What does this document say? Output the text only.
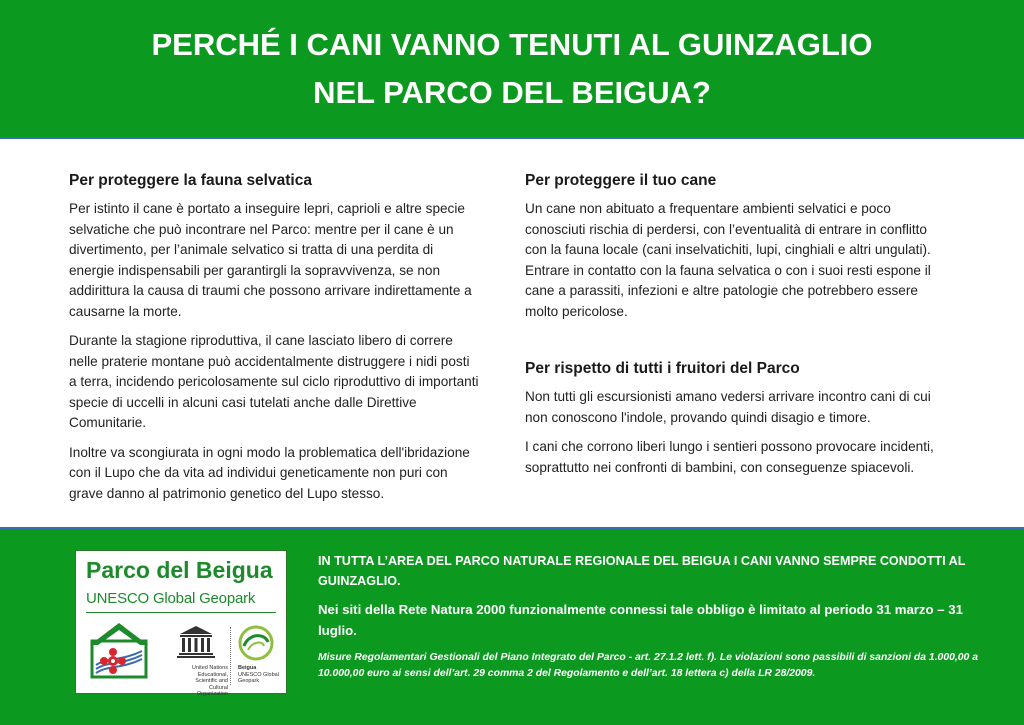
PERCHÉ I CANI VANNO TENUTI AL GUINZAGLIO
NEL PARCO DEL BEIGUA?
Per proteggere la fauna selvatica

Per istinto il cane è portato a inseguire lepri, caprioli e altre specie selvatiche che può incontrare nel Parco: mentre per il cane è un divertimento, per l’animale selvatico si tratta di una perdita di energie indispensabili per garantirgli la sopravvivenza, se non addirittura la causa di traumi che possono arrivare indirettamente a causarne la morte.

Durante la stagione riproduttiva, il cane lasciato libero di correre nelle praterie montane può accidentalmente distruggere i nidi posti a terra, incidendo pericolosamente sul ciclo riproduttivo di importanti specie di uccelli in alcuni casi tutelati anche dalle Direttive Comunitarie.

Inoltre va scongiurata in ogni modo la problematica dell'ibridazione con il Lupo che da vita ad individui geneticamente non puri con grave danno al patrimonio genetico del Lupo stesso.

Per proteggere il tuo cane

Un cane non abituato a frequentare ambienti selvatici e poco conosciuti rischia di perdersi, con l’eventualità di entrare in conflitto con la fauna locale (cani inselvatichiti, lupi, cinghiali e altri ungulati). Entrare in contatto con la fauna selvatica o con i suoi resti espone il cane a parassiti, infezioni e altre patologie che potrebbero essere molto pericolose.

Per rispetto di tutti i fruitori del Parco

Non tutti gli escursionisti amano vedersi arrivare incontro cani di cui non conoscono l'indole, provando quindi disagio e timore.

I cani che corrono liberi lungo i sentieri possono provocare incidenti, soprattutto nei confronti di bambini, con conseguenze spiacevoli.

Parco del Beigua
UNESCO Global Geopark
United Nations Educational, Scientific and Cultural Organization
Beigua
UNESCO Global Geopark
IN TUTTA L’AREA DEL PARCO NATURALE REGIONALE DEL BEIGUA I CANI VANNO SEMPRE CONDOTTI AL GUINZAGLIO.
Nei siti della Rete Natura 2000 funzionalmente connessi tale obbligo è limitato al periodo 31 marzo – 31 luglio.
Misure Regolamentari Gestionali del Piano Integrato del Parco - art. 27.1.2 lett. f). Le violazioni sono passibili di sanzioni da 1.000,00 a 10.000,00 euro ai sensi dell’art. 29 comma 2 del Regolamento e dell’art. 18 lettera c) della LR 28/2009.
